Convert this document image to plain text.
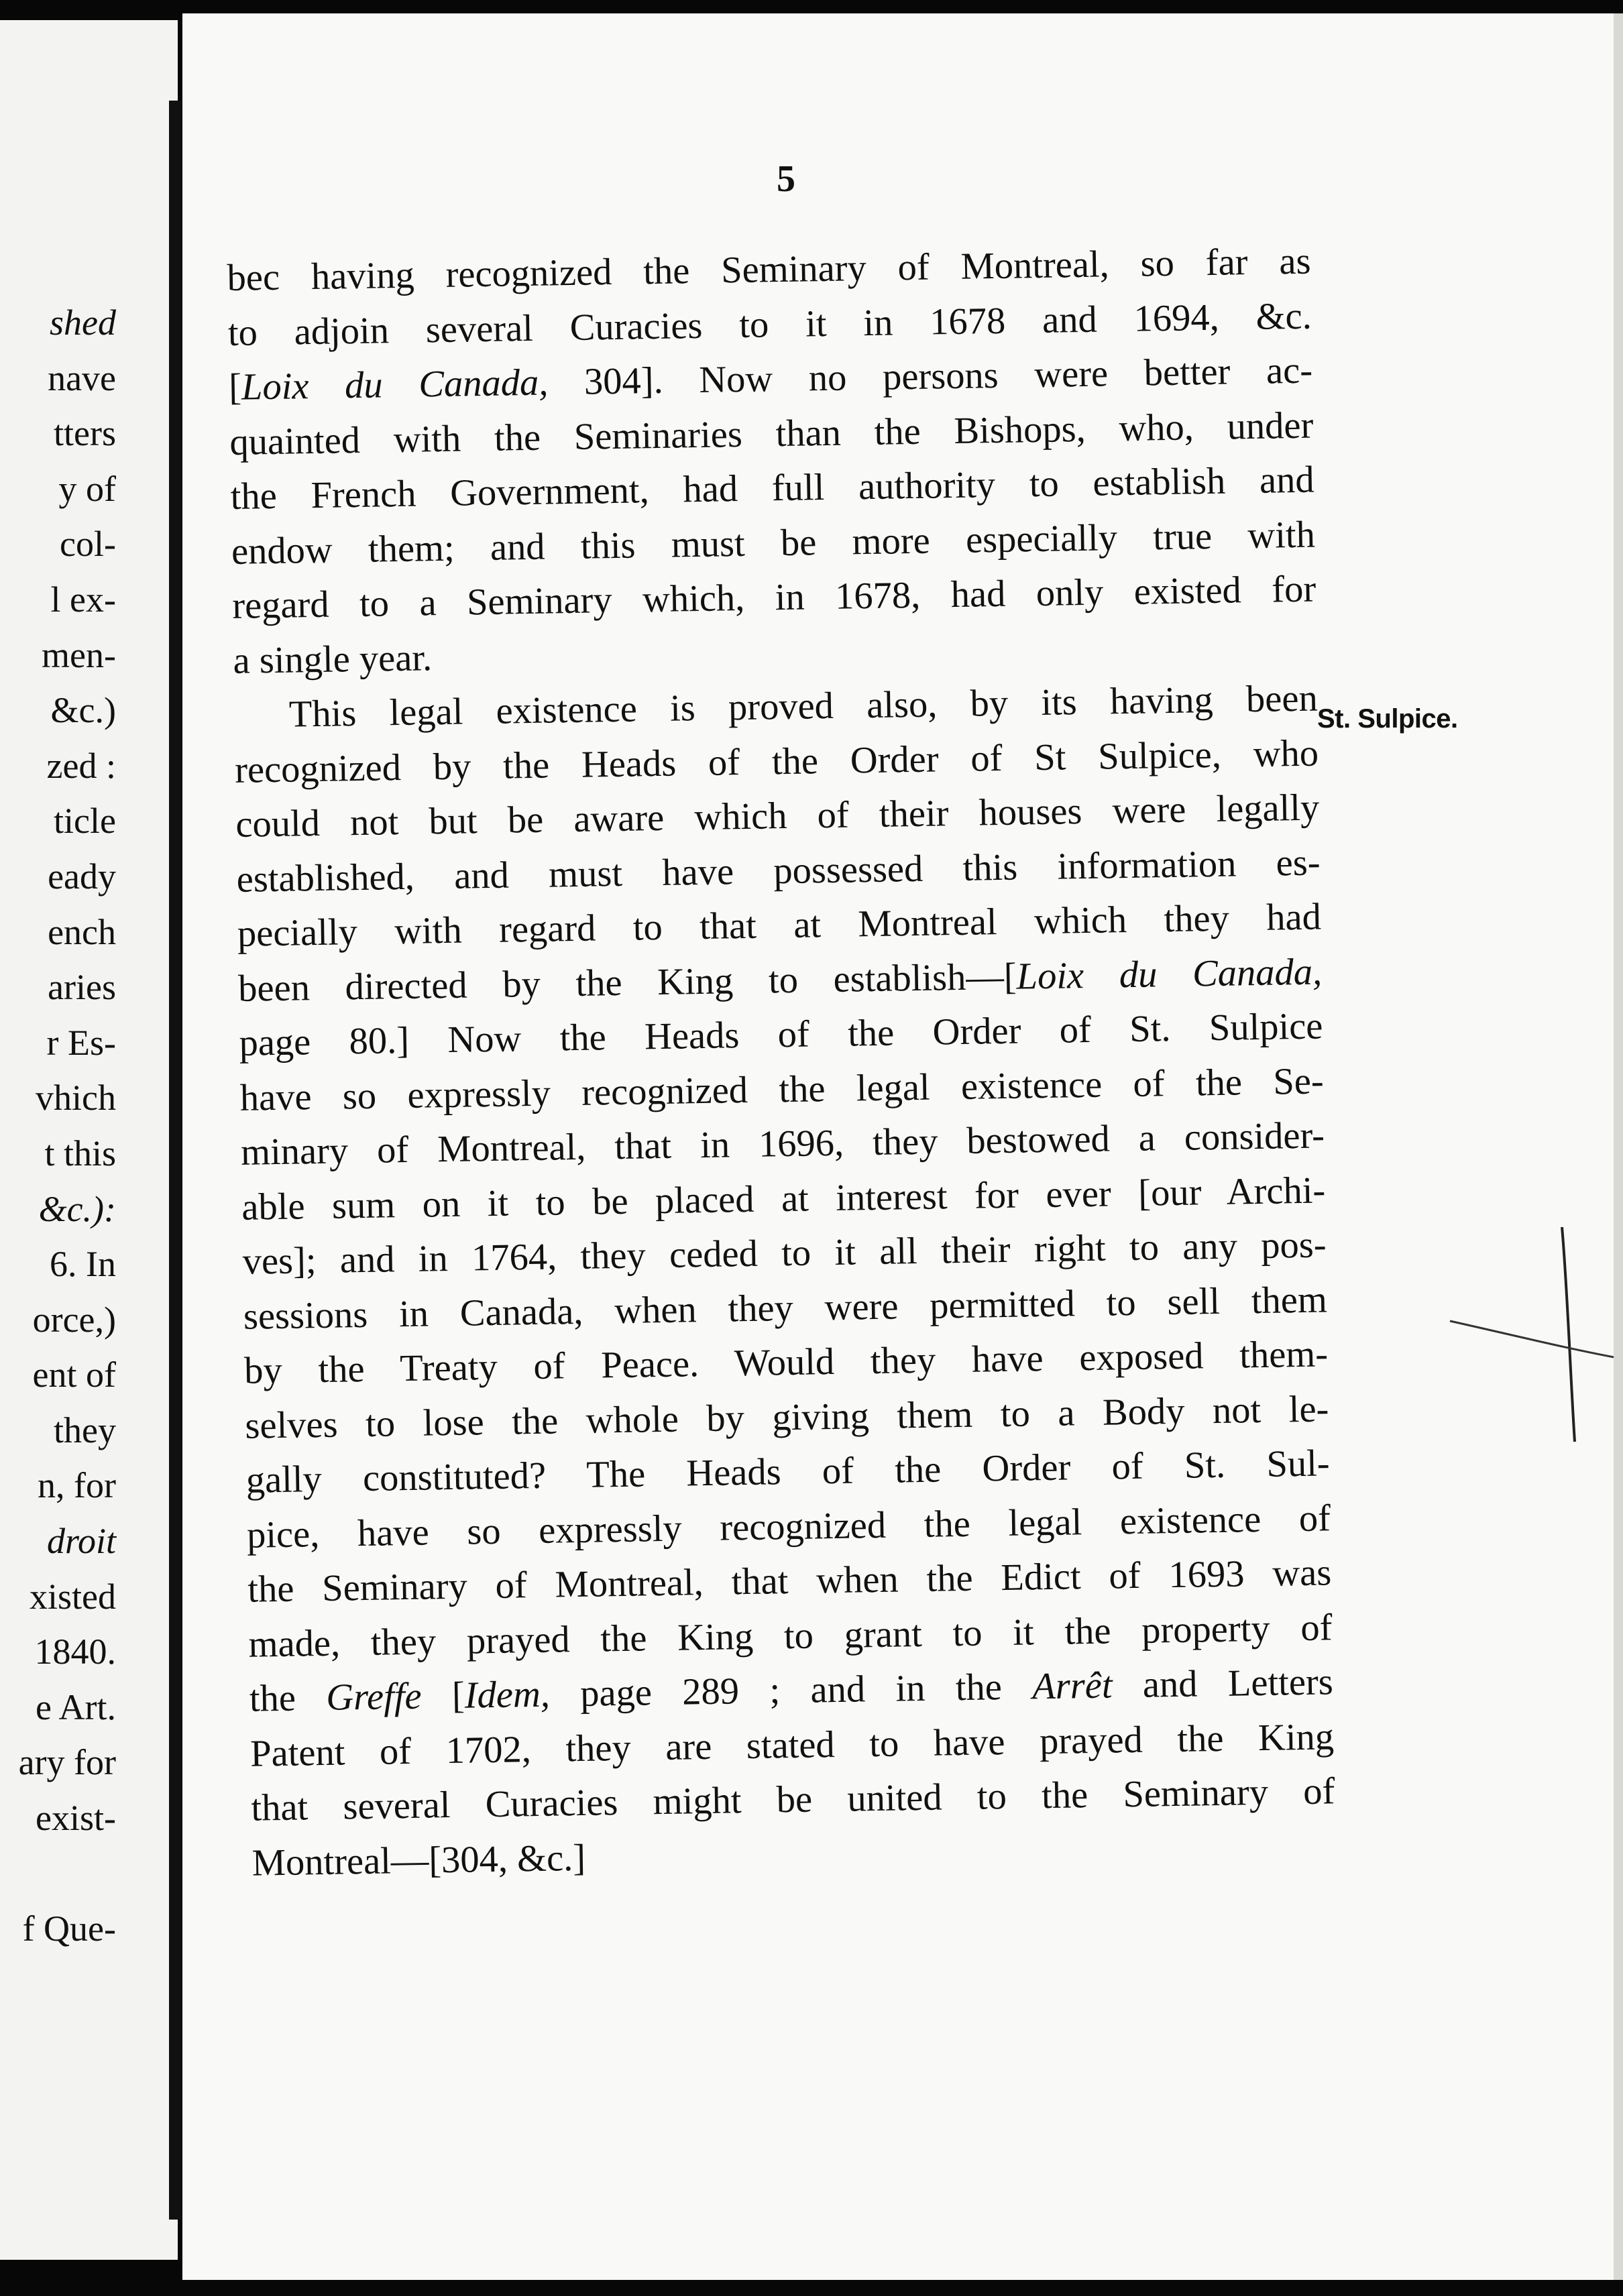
shed
nave
tters
y of
col-
l ex-
men-
&c.)
zed :
ticle
eady
ench
aries
r Es-
vhich
t this
&c.):
6. In
orce,)
ent of
they
n, for
droit
xisted
1840.
e Art.
ary for
exist-
f Que-
5
bec having recognized the Seminary of Montreal, so far as
to adjoin several Curacies to it in 1678 and 1694, &c.
[Loix du Canada, 304]. Now no persons were better ac-
quainted with the Seminaries than the Bishops, who, under
the French Government, had full authority to establish and
endow them; and this must be more especially true with
regard to a Seminary which, in 1678, had only existed for
a single year.
This legal existence is proved also, by its having been
recognized by the Heads of the Order of St Sulpice, who
could not but be aware which of their houses were legally
established, and must have possessed this information es-
pecially with regard to that at Montreal which they had
been directed by the King to establish—[Loix du Canada,
page 80.] Now the Heads of the Order of St. Sulpice
have so expressly recognized the legal existence of the Se-
minary of Montreal, that in 1696, they bestowed a consider-
able sum on it to be placed at interest for ever [our Archi-
ves]; and in 1764, they ceded to it all their right to any pos-
sessions in Canada, when they were permitted to sell them
by the Treaty of Peace. Would they have exposed them-
selves to lose the whole by giving them to a Body not le-
gally constituted? The Heads of the Order of St. Sul-
pice, have so expressly recognized the legal existence of
the Seminary of Montreal, that when the Edict of 1693 was
made, they prayed the King to grant to it the property of
the Greffe [Idem, page 289 ; and in the Arrêt and Letters
Patent of 1702, they are stated to have prayed the King
that several Curacies might be united to the Seminary of
Montreal—[304, &c.]
St. Sulpice.
